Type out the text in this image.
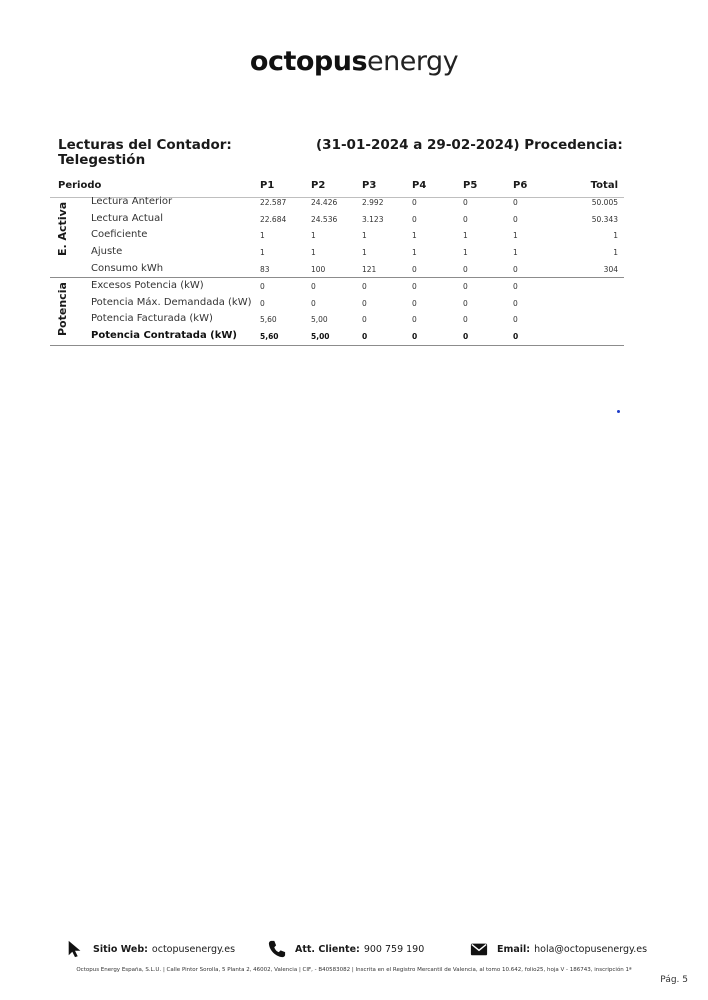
octopusenergy
Lecturas del Contador: Telegestión
(31-01-2024 a 29-02-2024) Procedencia:
Periodo	P1	P2	P3	P4	P5	P6	Total
E. Activa
Lectura Anterior	22.587	24.426	2.992	0	0	0	50.005
Lectura Actual	22.684	24.536	3.123	0	0	0	50.343
Coeficiente	1	1	1	1	1	1	1
Ajuste	1	1	1	1	1	1	1
Consumo kWh	83	100	121	0	0	0	304
Potencia Excesos Potencia (kW)	0	0	0	0	0	0
Potencia Máx. Demandada (kW) 0	0	0	0	0	0
Potencia Facturada (kW)	5,60	5,00	0	0	0	0
Potencia Contratada (kW)	5,60	5,00	0	0	0	0
Sitio Web: octopusenergy.es	Att. Cliente: 900 759 190	Email: hola@octopusenergy.es
Octopus Energy España, S.L.U. | Calle Pintor Sorolla, 5 Planta 2, 46002, Valencia | CIF, - B40583082 | Inscrita en el Registro Mercantil de Valencia, al tomo 10.642, folio25, hoja V - 186743, inscripción 1ª
Pág. 5
